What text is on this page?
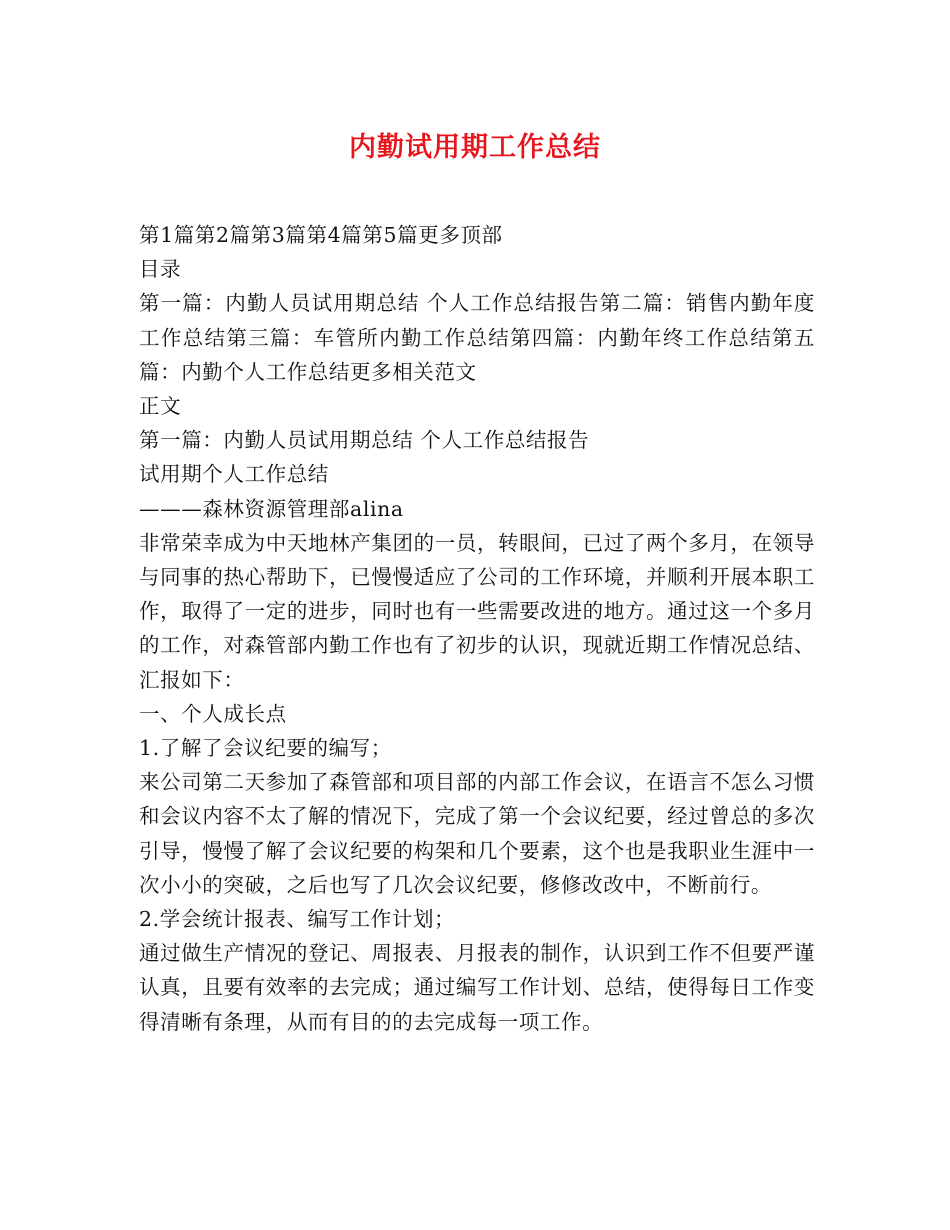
内勤试用期工作总结

第1篇第2篇第3篇第4篇第5篇更多顶部

目录

第一篇：内勤人员试用期总结 个人工作总结报告第二篇：销售内勤年度工作总结第三篇：车管所内勤工作总结第四篇：内勤年终工作总结第五篇：内勤个人工作总结更多相关范文

正文

第一篇：内勤人员试用期总结 个人工作总结报告

试用期个人工作总结

———森林资源管理部alina

非常荣幸成为中天地林产集团的一员，转眼间，已过了两个多月，在领导与同事的热心帮助下，已慢慢适应了公司的工作环境，并顺利开展本职工作，取得了一定的进步，同时也有一些需要改进的地方。通过这一个多月的工作，对森管部内勤工作也有了初步的认识，现就近期工作情况总结、汇报如下：

一、个人成长点

1.了解了会议纪要的编写；

来公司第二天参加了森管部和项目部的内部工作会议，在语言不怎么习惯和会议内容不太了解的情况下，完成了第一个会议纪要，经过曾总的多次引导，慢慢了解了会议纪要的构架和几个要素，这个也是我职业生涯中一次小小的突破，之后也写了几次会议纪要，修修改改中，不断前行。

2.学会统计报表、编写工作计划；

通过做生产情况的登记、周报表、月报表的制作，认识到工作不但要严谨认真，且要有效率的去完成；通过编写工作计划、总结，使得每日工作变得清晰有条理，从而有目的的去完成每一项工作。
